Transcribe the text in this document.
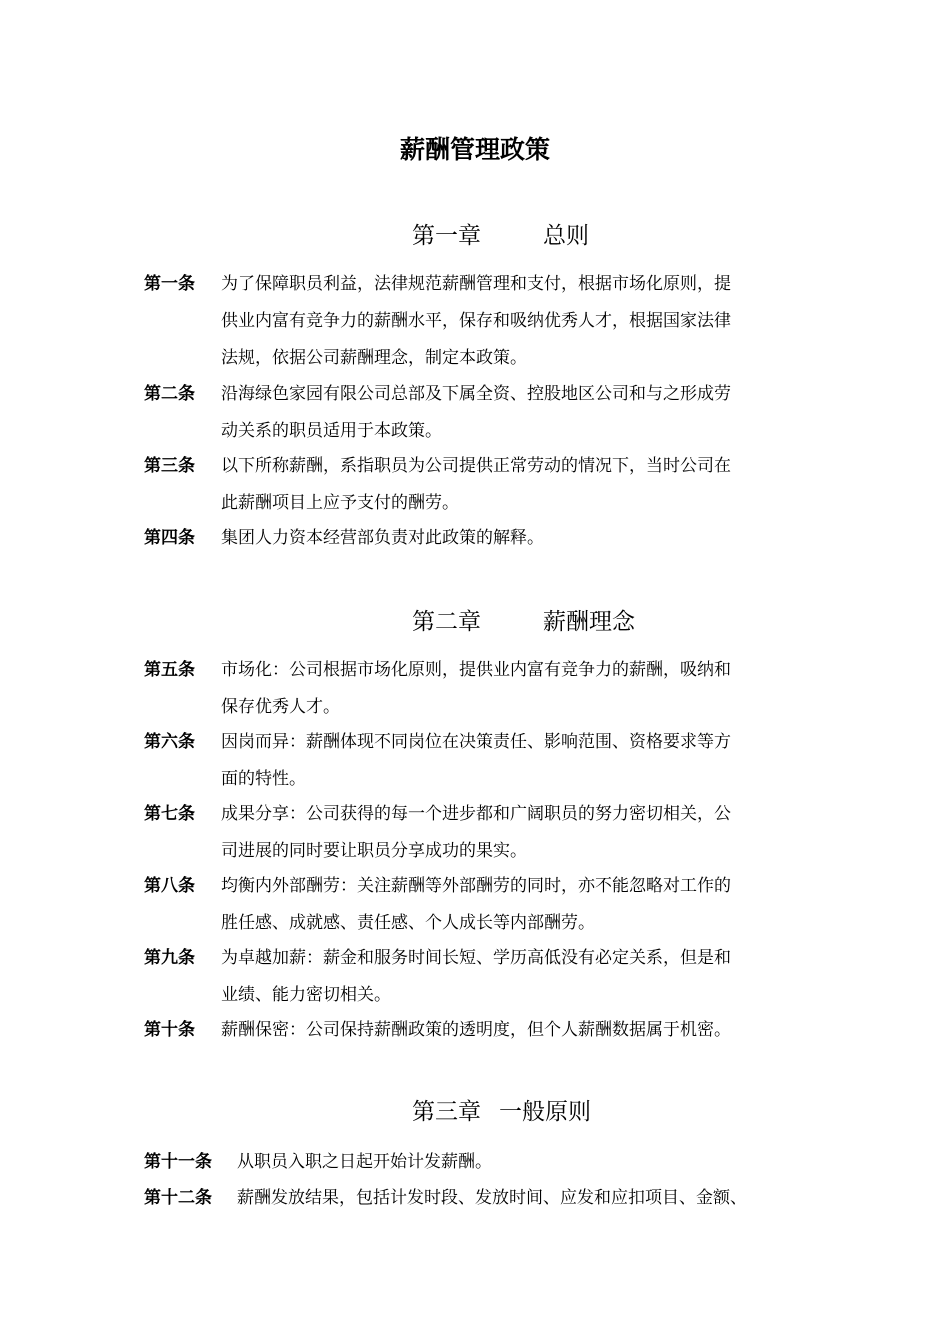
薪酬管理政策
第一章	总则
第一条 为了保障职员利益，法律规范薪酬管理和支付，根据市场化原则，提
供业内富有竞争力的薪酬水平，保存和吸纳优秀人才，根据国家法律
法规，依据公司薪酬理念，制定本政策。
第二条 沿海绿色家园有限公司总部及下属全资、控股地区公司和与之形成劳
动关系的职员适用于本政策。
第三条 以下所称薪酬，系指职员为公司提供正常劳动的情况下，当时公司在
此薪酬项目上应予支付的酬劳。
第四条 集团人力资本经营部负责对此政策的解释。
第二章	薪酬理念
第五条 市场化：公司根据市场化原则，提供业内富有竞争力的薪酬，吸纳和
保存优秀人才。
第六条 因岗而异：薪酬体现不同岗位在决策责任、影响范围、资格要求等方
面的特性。
第七条 成果分享：公司获得的每一个进步都和广阔职员的努力密切相关，公
司进展的同时要让职员分享成功的果实。
第八条 均衡内外部酬劳：关注薪酬等外部酬劳的同时，亦不能忽略对工作的
胜任感、成就感、责任感、个人成长等内部酬劳。
第九条 为卓越加薪：薪金和服务时间长短、学历高低没有必定关系，但是和
业绩、能力密切相关。
第十条 薪酬保密：公司保持薪酬政策的透明度，但个人薪酬数据属于机密。
第三章 一般原则
第十一条 从职员入职之日起开始计发薪酬。
第十二条 薪酬发放结果，包括计发时段、发放时间、应发和应扣项目、金额、
